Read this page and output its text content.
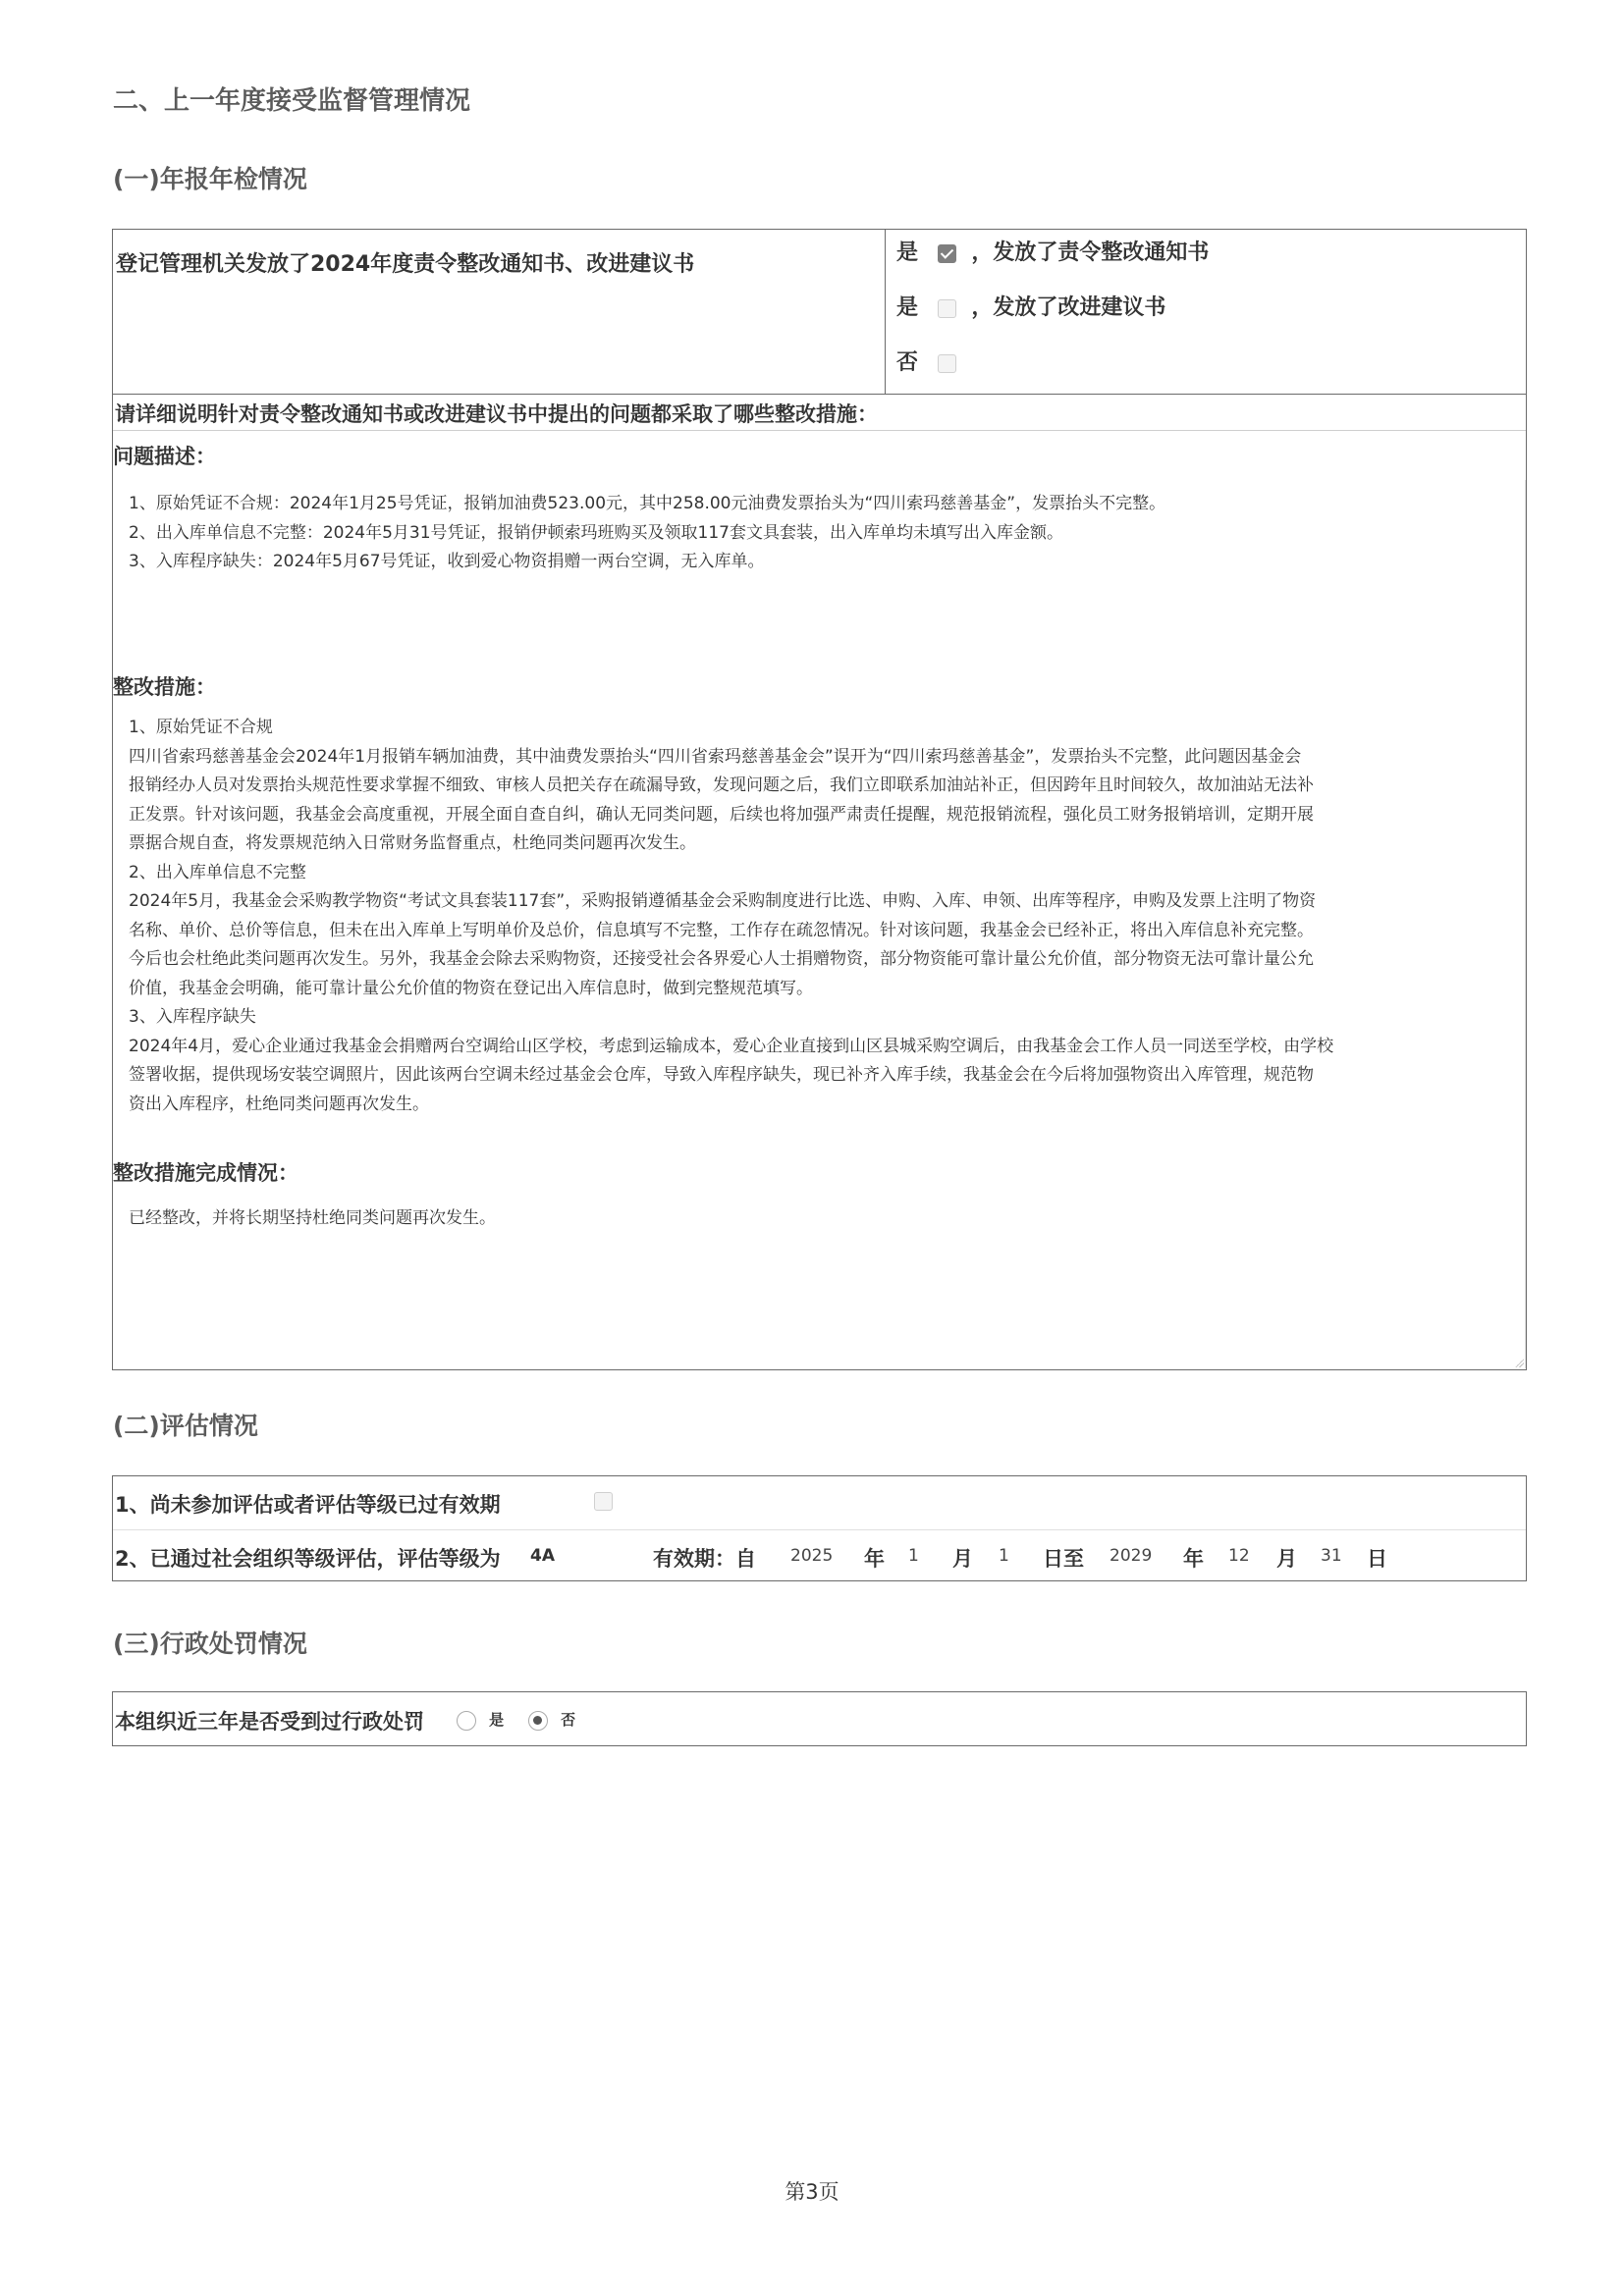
二、上一年度接受监督管理情况
(一)年报年检情况
登记管理机关发放了2024年度责令整改通知书、改进建议书	是 ，发放了责令整改通知书
是 ，发放了改进建议书
否
请详细说明针对责令整改通知书或改进建议书中提出的问题都采取了哪些整改措施：
问题描述：
1、原始凭证不合规：2024年1月25号凭证，报销加油费523.00元，其中258.00元油费发票抬头为“四川索玛慈善基金”，发票抬头不完整。
2、出入库单信息不完整：2024年5月31号凭证，报销伊顿索玛班购买及领取117套文具套装，出入库单均未填写出入库金额。
3、入库程序缺失：2024年5月67号凭证，收到爱心物资捐赠一两台空调，无入库单。
整改措施：
1、原始凭证不合规
四川省索玛慈善基金会2024年1月报销车辆加油费，其中油费发票抬头“四川省索玛慈善基金会”误开为“四川索玛慈善基金”，发票抬头不完整，此问题因基金会
报销经办人员对发票抬头规范性要求掌握不细致、审核人员把关存在疏漏导致，发现问题之后，我们立即联系加油站补正，但因跨年且时间较久，故加油站无法补
正发票。针对该问题，我基金会高度重视，开展全面自查自纠，确认无同类问题，后续也将加强严肃责任提醒，规范报销流程，强化员工财务报销培训，定期开展
票据合规自查，将发票规范纳入日常财务监督重点，杜绝同类问题再次发生。
2、出入库单信息不完整
2024年5月，我基金会采购教学物资“考试文具套装117套”，采购报销遵循基金会采购制度进行比选、申购、入库、申领、出库等程序，申购及发票上注明了物资
名称、单价、总价等信息，但未在出入库单上写明单价及总价，信息填写不完整，工作存在疏忽情况。针对该问题，我基金会已经补正，将出入库信息补充完整。
今后也会杜绝此类问题再次发生。另外，我基金会除去采购物资，还接受社会各界爱心人士捐赠物资，部分物资能可靠计量公允价值，部分物资无法可靠计量公允
价值，我基金会明确，能可靠计量公允价值的物资在登记出入库信息时，做到完整规范填写。
3、入库程序缺失
2024年4月，爱心企业通过我基金会捐赠两台空调给山区学校，考虑到运输成本，爱心企业直接到山区县城采购空调后，由我基金会工作人员一同送至学校，由学校
签署收据，提供现场安装空调照片，因此该两台空调未经过基金会仓库，导致入库程序缺失，现已补齐入库手续，我基金会在今后将加强物资出入库管理，规范物
资出入库程序，杜绝同类问题再次发生。
整改措施完成情况：
已经整改，并将长期坚持杜绝同类问题再次发生。
(二)评估情况
1、尚未参加评估或者评估等级已过有效期
2、已通过社会组织等级评估，评估等级为 4A	有效期：自 2025 年 1 月 1 日至 2029 年 12 月 31 日
(三)行政处罚情况
本组织近三年是否受到过行政处罚	是	否
第3页
